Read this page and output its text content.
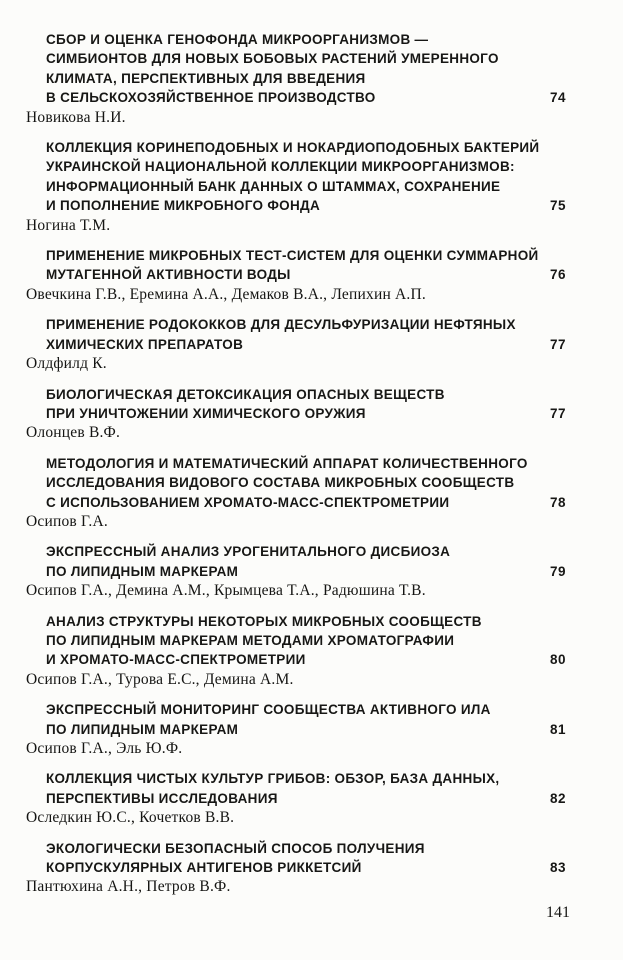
СБОР И ОЦЕНКА ГЕНОФОНДА МИКРООРГАНИЗМОВ —
СИМБИОНТОВ ДЛЯ НОВЫХ БОБОВЫХ РАСТЕНИЙ УМЕРЕННОГО
КЛИМАТА, ПЕРСПЕКТИВНЫХ ДЛЯ ВВЕДЕНИЯ
В СЕЛЬСКОХОЗЯЙСТВЕННОЕ ПРОИЗВОДСТВО	74
Новикова Н.И.
КОЛЛЕКЦИЯ КОРИНЕПОДОБНЫХ И НОКАРДИОПОДОБНЫХ БАКТЕРИЙ
УКРАИНСКОЙ НАЦИОНАЛЬНОЙ КОЛЛЕКЦИИ МИКРООРГАНИЗМОВ:
ИНФОРМАЦИОННЫЙ БАНК ДАННЫХ О ШТАММАХ, СОХРАНЕНИЕ
И ПОПОЛНЕНИЕ МИКРОБНОГО ФОНДА	75
Ногина Т.М.
ПРИМЕНЕНИЕ МИКРОБНЫХ ТЕСТ-СИСТЕМ ДЛЯ ОЦЕНКИ СУММАРНОЙ
МУТАГЕННОЙ АКТИВНОСТИ ВОДЫ	76
Овечкина Г.В., Еремина А.А., Демаков В.А., Лепихин А.П.
ПРИМЕНЕНИЕ РОДОКОККОВ ДЛЯ ДЕСУЛЬФУРИЗАЦИИ НЕФТЯНЫХ
ХИМИЧЕСКИХ ПРЕПАРАТОВ	77
Олдфилд К.
БИОЛОГИЧЕСКАЯ ДЕТОКСИКАЦИЯ ОПАСНЫХ ВЕЩЕСТВ
ПРИ УНИЧТОЖЕНИИ ХИМИЧЕСКОГО ОРУЖИЯ	77
Олонцев В.Ф.
МЕТОДОЛОГИЯ И МАТЕМАТИЧЕСКИЙ АППАРАТ КОЛИЧЕСТВЕННОГО
ИССЛЕДОВАНИЯ ВИДОВОГО СОСТАВА МИКРОБНЫХ СООБЩЕСТВ
С ИСПОЛЬЗОВАНИЕМ ХРОМАТО-МАСС-СПЕКТРОМЕТРИИ	78
Осипов Г.А.
ЭКСПРЕССНЫЙ АНАЛИЗ УРОГЕНИТАЛЬНОГО ДИСБИОЗА
ПО ЛИПИДНЫМ МАРКЕРАМ	79
Осипов Г.А., Демина А.М., Крымцева Т.А., Радюшина Т.В.
АНАЛИЗ СТРУКТУРЫ НЕКОТОРЫХ МИКРОБНЫХ СООБЩЕСТВ
ПО ЛИПИДНЫМ МАРКЕРАМ МЕТОДАМИ ХРОМАТОГРАФИИ
И ХРОМАТО-МАСС-СПЕКТРОМЕТРИИ	80
Осипов Г.А., Турова Е.С., Демина А.М.
ЭКСПРЕССНЫЙ МОНИТОРИНГ СООБЩЕСТВА АКТИВНОГО ИЛА
ПО ЛИПИДНЫМ МАРКЕРАМ	81
Осипов Г.А., Эль Ю.Ф.
КОЛЛЕКЦИЯ ЧИСТЫХ КУЛЬТУР ГРИБОВ: ОБЗОР, БАЗА ДАННЫХ,
ПЕРСПЕКТИВЫ ИССЛЕДОВАНИЯ	82
Оследкин Ю.С., Кочетков В.В.
ЭКОЛОГИЧЕСКИ БЕЗОПАСНЫЙ СПОСОБ ПОЛУЧЕНИЯ
КОРПУСКУЛЯРНЫХ АНТИГЕНОВ РИККЕТСИЙ	83
Пантюхина А.Н., Петров В.Ф.
141
